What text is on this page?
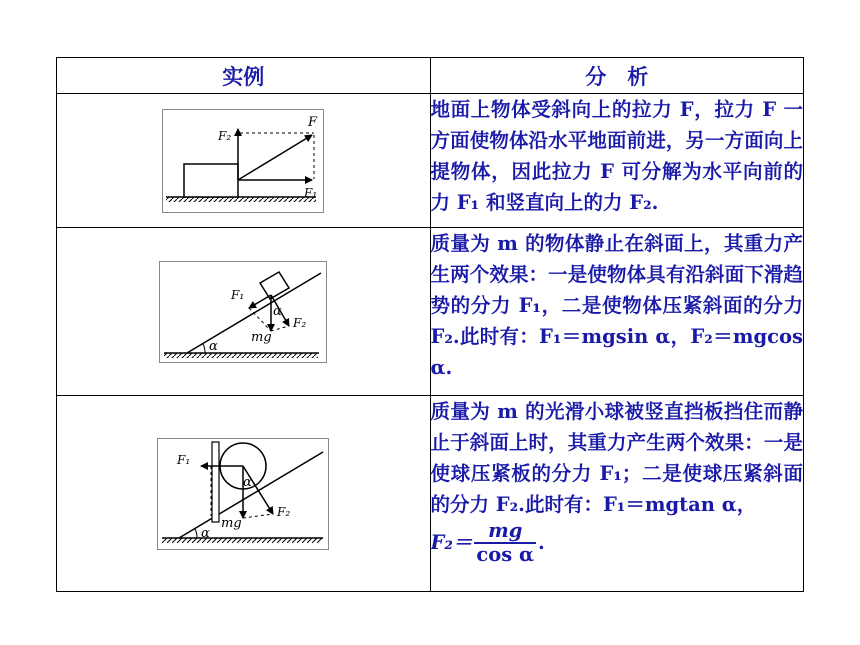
实例	分　析

F
F₂
F₁	地面上物体受斜向上的拉力 F，拉力 F 一方面使物体沿水平地面前进，另一方面向上提物体，因此拉力 F 可分解为水平向前的力 F₁ 和竖直向上的力 F₂.

F₁
F₂
α
mg
α	质量为 m 的物体静止在斜面上，其重力产生两个效果：一是使物体具有沿斜面下滑趋势的分力 F₁，二是使物体压紧斜面的分力 F₂.此时有：F₁＝mgsin α，F₂＝mgcos α.

F₁
F₂
α
mg
α	质量为 m 的光滑小球被竖直挡板挡住而静止于斜面上时，其重力产生两个效果：一是使球压紧板的分力 F₁；二是使球压紧斜面的分力 F₂.此时有：F₁＝mgtan α，
$F_2= \frac{mg}{\text{cos α}}$ .
